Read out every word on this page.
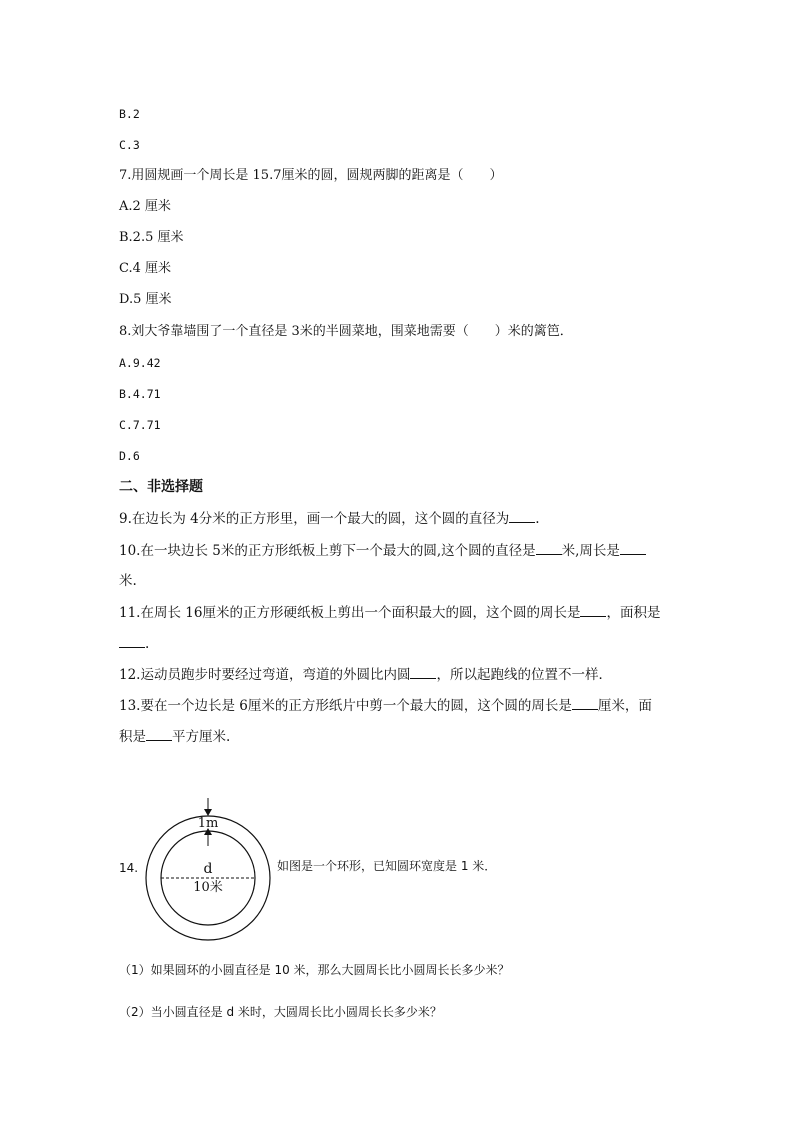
B.2
C.3
7.用圆规画一个周长是 15.7厘米的圆，圆规两脚的距离是（　　）
A.2 厘米
B.2.5 厘米
C.4 厘米
D.5 厘米
8.刘大爷靠墙围了一个直径是 3米的半圆菜地，围菜地需要（　　）米的篱笆．
A.9.42
B.4.71
C.7.71
D.6
二、非选择题
9.在边长为 4分米的正方形里，画一个最大的圆，这个圆的直径为 .
10.在一块边长 5米的正方形纸板上剪下一个最大的圆,这个圆的直径是 米,周长是
米.
11.在周长 16厘米的正方形硬纸板上剪出一个面积最大的圆，这个圆的周长是 ，面积是
.
12.运动员跑步时要经过弯道，弯道的外圆比内圆 ，所以起跑线的位置不一样．
13.要在一个边长是 6厘米的正方形纸片中剪一个最大的圆，这个圆的周长是 厘米，面
积是 平方厘米.
14.
1m
d
10米
如图是一个环形，已知圆环宽度是 1 米．
（1）如果圆环的小圆直径是 10 米，那么大圆周长比小圆周长长多少米？
（2）当小圆直径是 d 米时，大圆周长比小圆周长长多少米？
